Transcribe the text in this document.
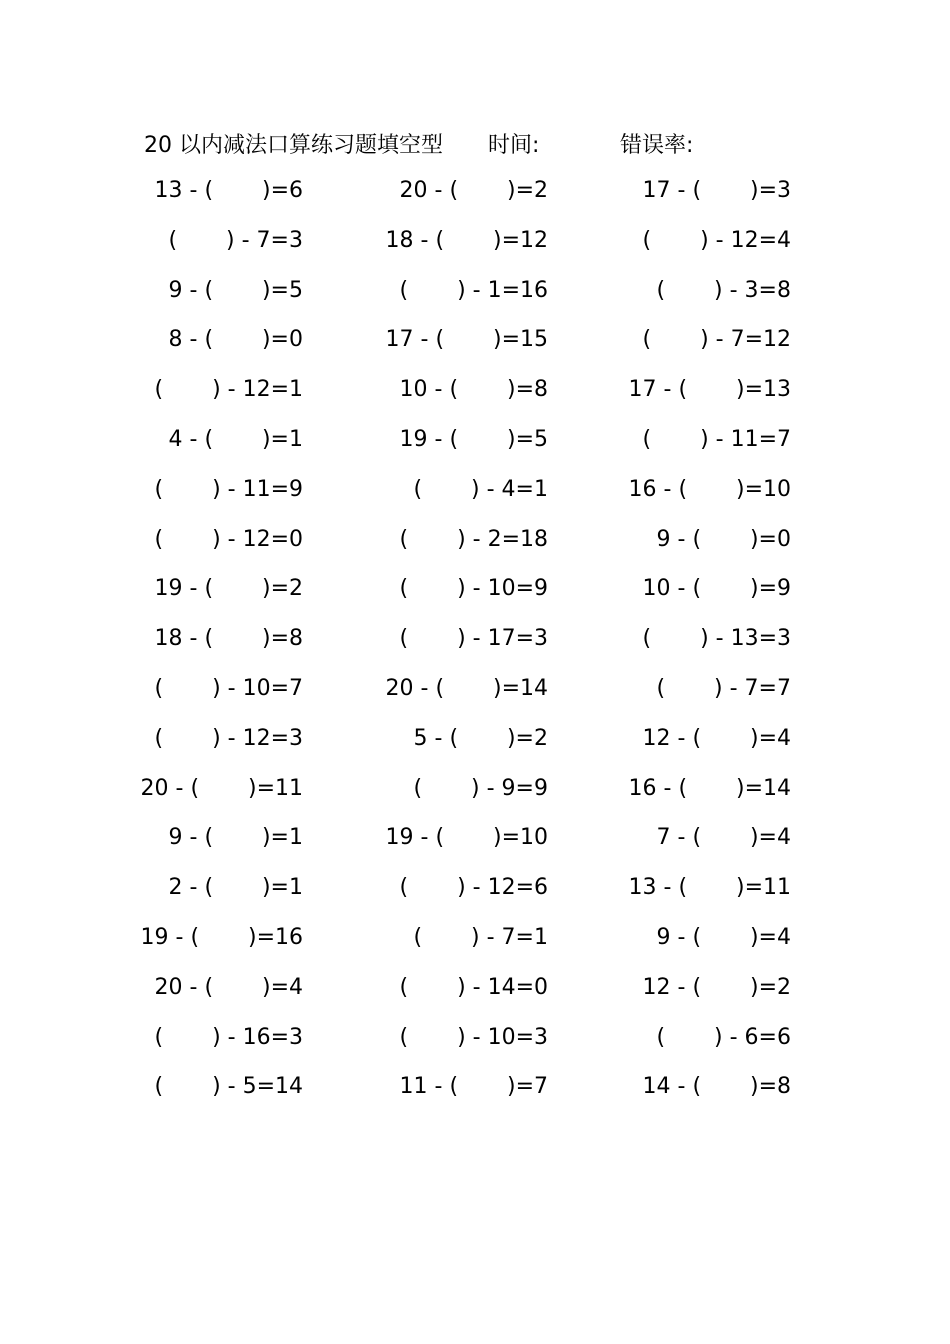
20 以内减法口算练习题填空型 时间:	错误率:
13 - (       )=6	20 - (       )=2	17 - (       )=3
(       ) - 7=3	18 - (       )=12	(       ) - 12=4
9 - (       )=5	(       ) - 1=16	(       ) - 3=8
8 - (       )=0	17 - (       )=15	(       ) - 7=12
(       ) - 12=1	10 - (       )=8	17 - (       )=13
4 - (       )=1	19 - (       )=5	(       ) - 11=7
(       ) - 11=9	(       ) - 4=1	16 - (       )=10
(       ) - 12=0	(       ) - 2=18	9 - (       )=0
19 - (       )=2	(       ) - 10=9	10 - (       )=9
18 - (       )=8	(       ) - 17=3	(       ) - 13=3
(       ) - 10=7	20 - (       )=14	(       ) - 7=7
(       ) - 12=3	5 - (       )=2	12 - (       )=4
20 - (       )=11	(       ) - 9=9	16 - (       )=14
9 - (       )=1	19 - (       )=10	7 - (       )=4
2 - (       )=1	(       ) - 12=6	13 - (       )=11
19 - (       )=16	(       ) - 7=1	9 - (       )=4
20 - (       )=4	(       ) - 14=0	12 - (       )=2
(       ) - 16=3	(       ) - 10=3	(       ) - 6=6
(       ) - 5=14	11 - (       )=7	14 - (       )=8
